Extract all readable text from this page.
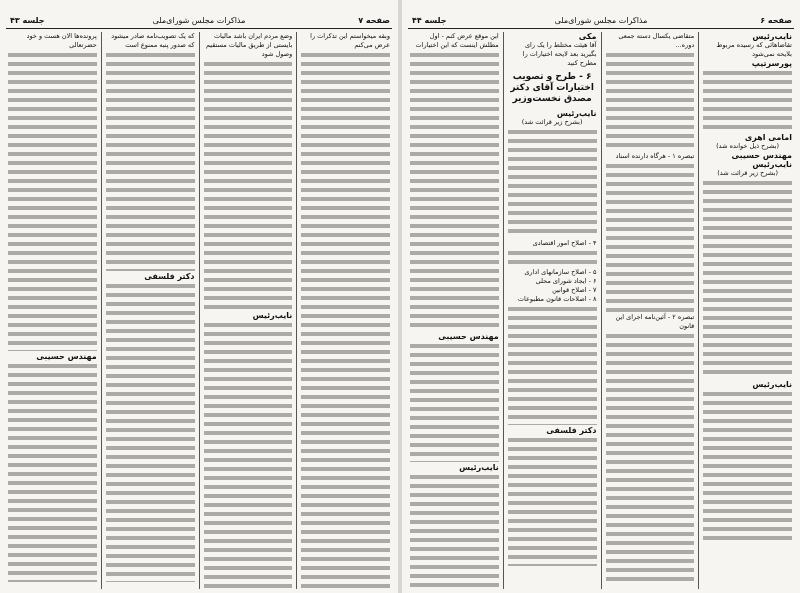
صفحه ۷
مذاکرات مجلس شورای‌ملی
جلسه ۴۳
وبقه میخواستم این تذکرات را عرض می‌کنم
وضع مردم ایران باشد مالیات بایستی از طریق مالیات مستقیم وصول شود
نایب‌رئیس
که یک تصویب‌نامه صادر میشود که صدور پنبه ممنوع است
دکتر فلسفی
پرونده‌ها الان هست و خود حضرتعالی
مهندس حسیبی
صفحه ۶
مذاکرات مجلس شورای‌ملی
جلسه ۴۴
نایب‌رئیس
تقاضاهائی که رسیده مربوط بلایحه نمی‌شود
پورسرتیپ
امامی اهری
(بشرح ذیل خوانده شد)
مهندس حسیبی
نایب‌رئیس
(بشرح زیر قرائت شد)
نایب‌رئیس
متقاضی یکسال دسته جمعی دوره...
تبصره ۱ - هرگاه دارنده اسناد
تبصره ۲ - آئین‌نامه اجرای این قانون
مکی
آقا هیئت مختلط را یک رای بگیرید بعد لایحه اختیارات را مطرح کنید
۶ - طرح و تصویب اختیارات آقای دکتر مصدق نخست‌وزیر
نایب‌رئیس
(بشرح زیر قرائت شد)
۴ - اصلاح امور اقتصادی
۵ - اصلاح سازمانهای اداری
۶ - ایجاد شورای محلی
۷ - اصلاح قوانین
۸ - اصلاحات قانون مطبوعات
دکتر فلسفی
این موقع عرض کنم - اول مطلش اینست که این اختیارات
مهندس حسیبی
نایب‌رئیس
